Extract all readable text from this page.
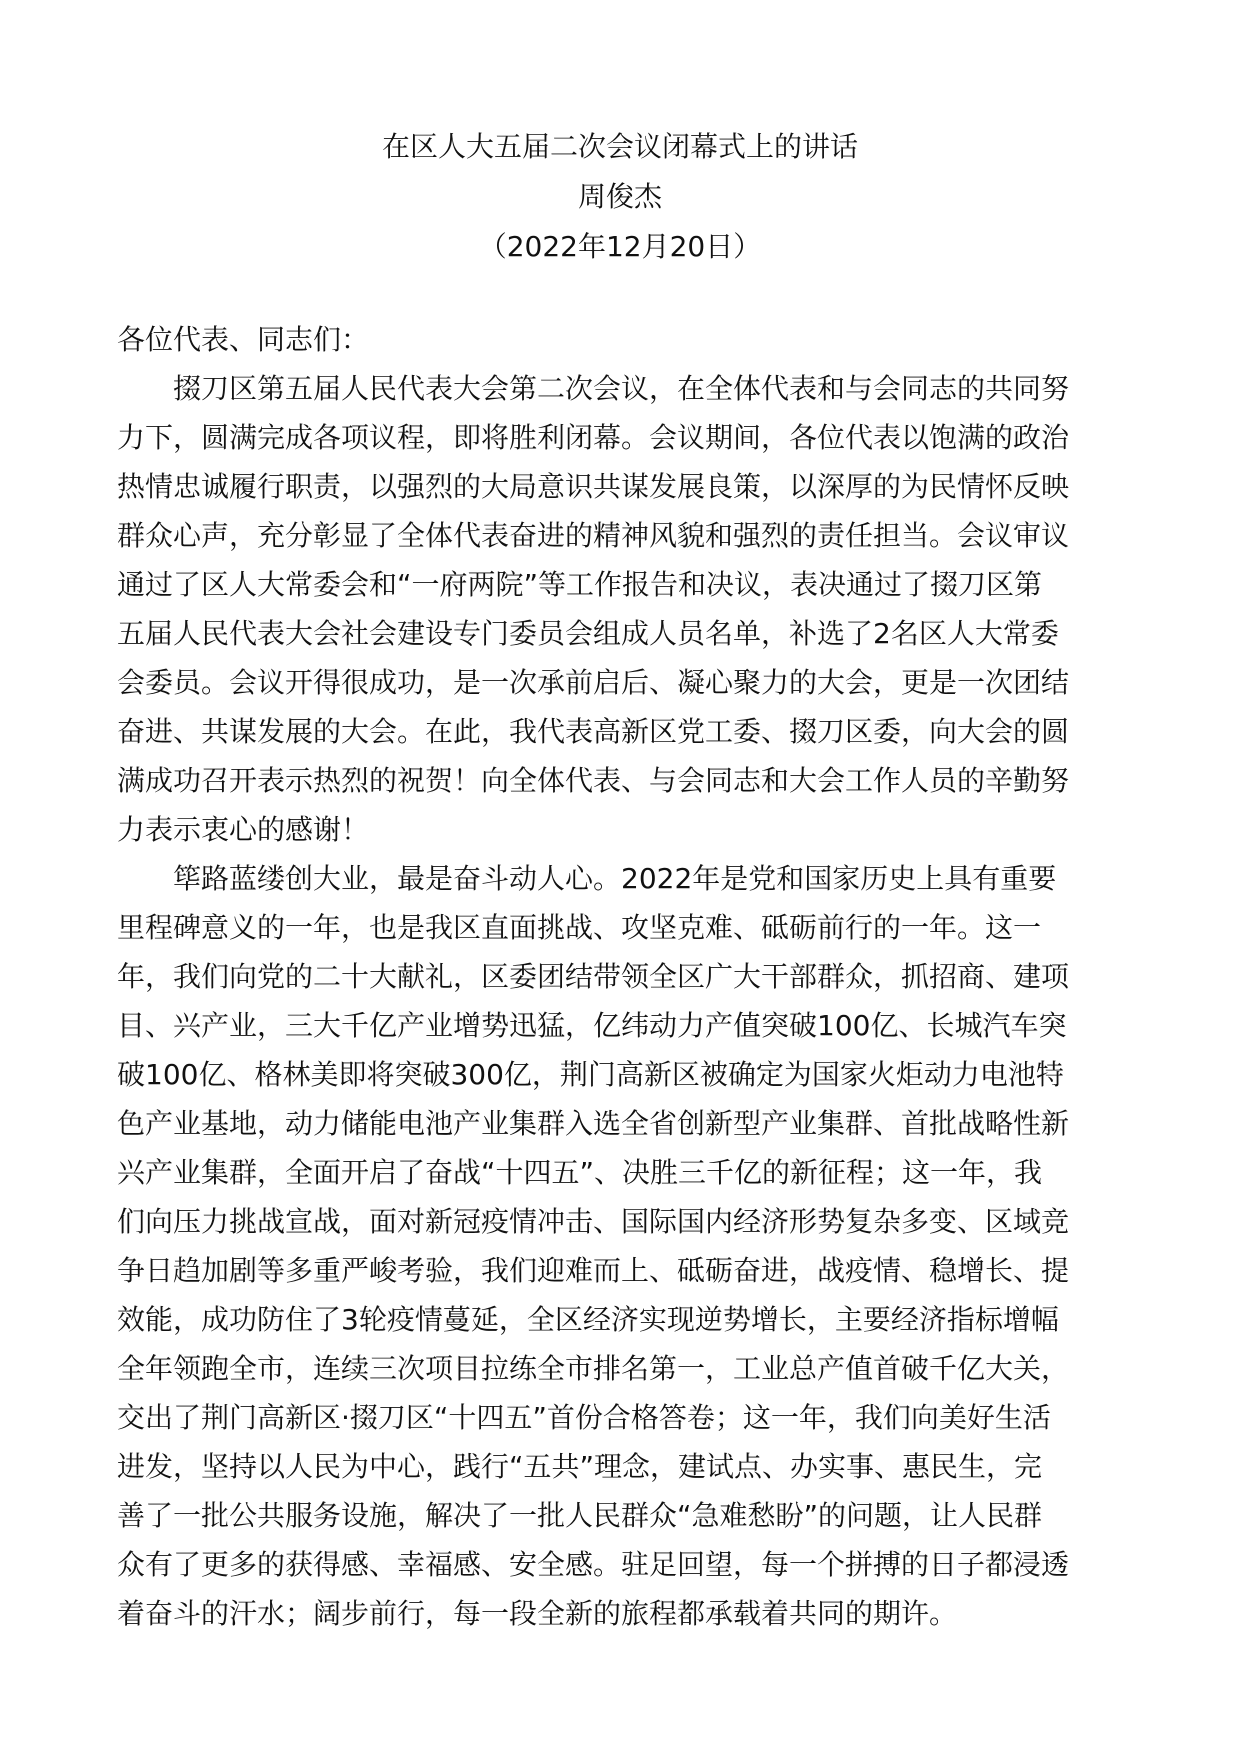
在区人大五届二次会议闭幕式上的讲话
周俊杰
（2022年12月20日）
各位代表、同志们：
掇刀区第五届人民代表大会第二次会议，在全体代表和与会同志的共同努
力下，圆满完成各项议程，即将胜利闭幕。会议期间，各位代表以饱满的政治
热情忠诚履行职责，以强烈的大局意识共谋发展良策，以深厚的为民情怀反映
群众心声，充分彰显了全体代表奋进的精神风貌和强烈的责任担当。会议审议
通过了区人大常委会和“一府两院”等工作报告和决议，表决通过了掇刀区第
五届人民代表大会社会建设专门委员会组成人员名单，补选了2名区人大常委
会委员。会议开得很成功，是一次承前启后、凝心聚力的大会，更是一次团结
奋进、共谋发展的大会。在此，我代表高新区党工委、掇刀区委，向大会的圆
满成功召开表示热烈的祝贺！向全体代表、与会同志和大会工作人员的辛勤努
力表示衷心的感谢！
筚路蓝缕创大业，最是奋斗动人心。2022年是党和国家历史上具有重要
里程碑意义的一年，也是我区直面挑战、攻坚克难、砥砺前行的一年。这一
年，我们向党的二十大献礼，区委团结带领全区广大干部群众，抓招商、建项
目、兴产业，三大千亿产业增势迅猛，亿纬动力产值突破100亿、长城汽车突
破100亿、格林美即将突破300亿，荆门高新区被确定为国家火炬动力电池特
色产业基地，动力储能电池产业集群入选全省创新型产业集群、首批战略性新
兴产业集群，全面开启了奋战“十四五”、决胜三千亿的新征程；这一年，我
们向压力挑战宣战，面对新冠疫情冲击、国际国内经济形势复杂多变、区域竞
争日趋加剧等多重严峻考验，我们迎难而上、砥砺奋进，战疫情、稳增长、提
效能，成功防住了3轮疫情蔓延，全区经济实现逆势增长，主要经济指标增幅
全年领跑全市，连续三次项目拉练全市排名第一，工业总产值首破千亿大关，
交出了荆门高新区·掇刀区“十四五”首份合格答卷；这一年，我们向美好生活
进发，坚持以人民为中心，践行“五共”理念，建试点、办实事、惠民生，完
善了一批公共服务设施，解决了一批人民群众“急难愁盼”的问题，让人民群
众有了更多的获得感、幸福感、安全感。驻足回望，每一个拼搏的日子都浸透
着奋斗的汗水；阔步前行，每一段全新的旅程都承载着共同的期许。
